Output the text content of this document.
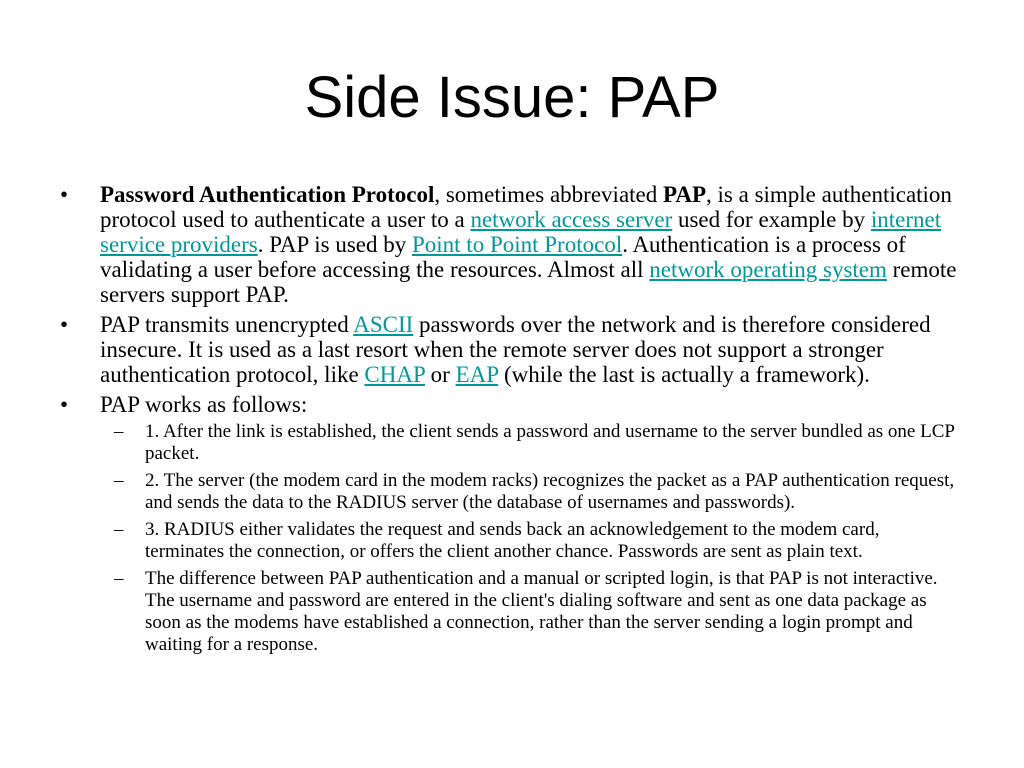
Side Issue: PAP
• Password Authentication Protocol, sometimes abbreviated PAP, is a simple authentication protocol used to authenticate a user to a network access server used for example by internet service providers. PAP is used by Point to Point Protocol. Authentication is a process of validating a user before accessing the resources. Almost all network operating system remote servers support PAP.
• PAP transmits unencrypted ASCII passwords over the network and is therefore considered insecure. It is used as a last resort when the remote server does not support a stronger authentication protocol, like CHAP or EAP (while the last is actually a framework).
• PAP works as follows:
– 1. After the link is established, the client sends a password and username to the server bundled as one LCP packet.
– 2. The server (the modem card in the modem racks) recognizes the packet as a PAP authentication request, and sends the data to the RADIUS server (the database of usernames and passwords).
– 3. RADIUS either validates the request and sends back an acknowledgement to the modem card, terminates the connection, or offers the client another chance. Passwords are sent as plain text.
– The difference between PAP authentication and a manual or scripted login, is that PAP is not interactive. The username and password are entered in the client's dialing software and sent as one data package as soon as the modems have established a connection, rather than the server sending a login prompt and waiting for a response.
